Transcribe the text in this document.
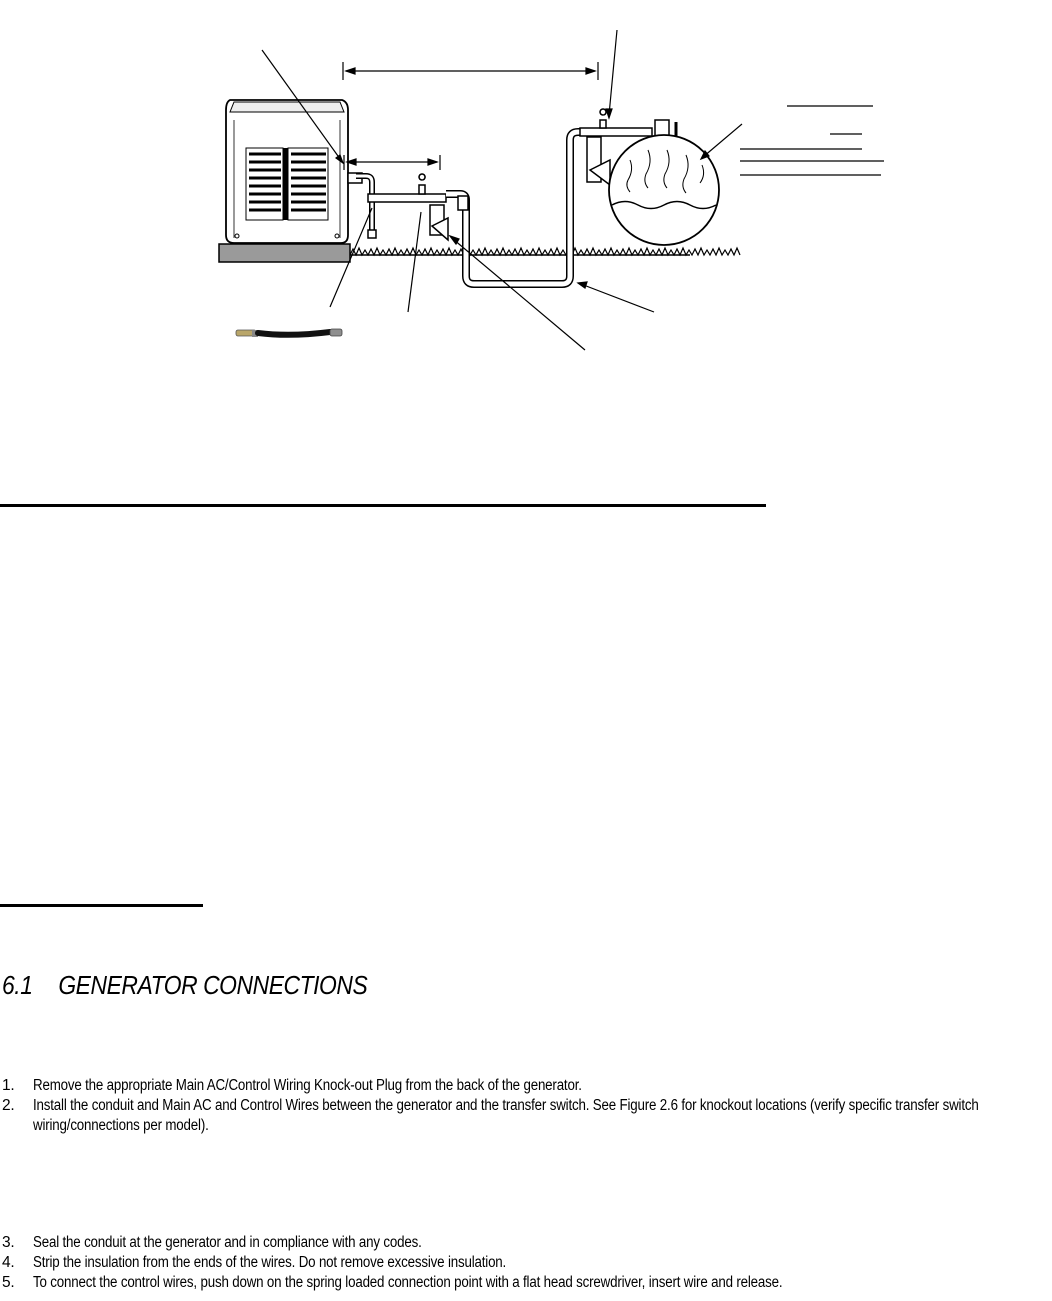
6.1 GENERATOR CONNECTIONS
1. Remove the appropriate Main AC/Control Wiring Knock-out Plug from the back of the generator.
2. Install the conduit and Main AC and Control Wires between the generator and the transfer switch. See Figure 2.6 for knockout locations (verify specific transfer switch wiring/connections per model).
3. Seal the conduit at the generator and in compliance with any codes.
4. Strip the insulation from the ends of the wires. Do not remove excessive insulation.
5. To connect the control wires, push down on the spring loaded connection point with a flat head screwdriver, insert wire and release.
